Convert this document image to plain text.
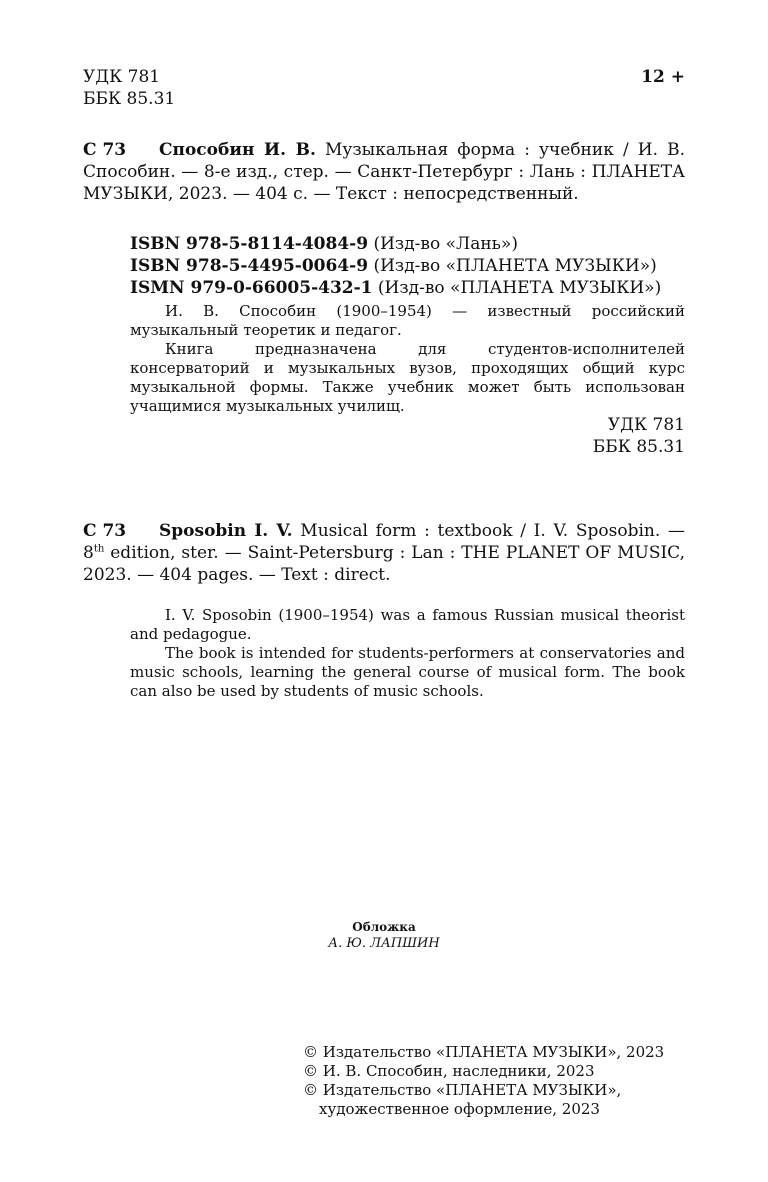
УДК 781
ББК 85.31
12 +
С 73	Способин И. В. Музыкальная форма : учебник / И. В. Способин. — 8-е изд., стер. — Санкт-Петербург : Лань : ПЛАНЕТА МУЗЫКИ, 2023. — 404 с. — Текст : непосредственный.
ISBN 978-5-8114-4084-9 (Изд-во «Лань»)
ISBN 978-5-4495-0064-9 (Изд-во «ПЛАНЕТА МУЗЫКИ»)
ISMN 979-0-66005-432-1 (Изд-во «ПЛАНЕТА МУЗЫКИ»)
И. В. Способин (1900–1954) — известный российский музыкальный теоретик и педагог.
Книга предназначена для студентов-исполнителей консерваторий и музыкальных вузов, проходящих общий курс музыкальной формы. Также учебник может быть использован учащимися музыкальных училищ.
УДК 781
ББК 85.31
С 73	Sposobin I. V. Musical form : textbook / I. V. Sposobin. — 8th edition, ster. — Saint-Petersburg : Lan : THE PLANET OF MUSIC, 2023. — 404 pages. — Text : direct.
I. V. Sposobin (1900–1954) was a famous Russian musical theorist and pedagogue.
The book is intended for students-performers at conservatories and music schools, learning the general course of musical form. The book can also be used by students of music schools.
Обложка
А. Ю. ЛАПШИН
© Издательство «ПЛАНЕТА МУЗЫКИ», 2023
© И. В. Способин, наследники, 2023
© Издательство «ПЛАНЕТА МУЗЫКИ»,
художественное оформление, 2023
